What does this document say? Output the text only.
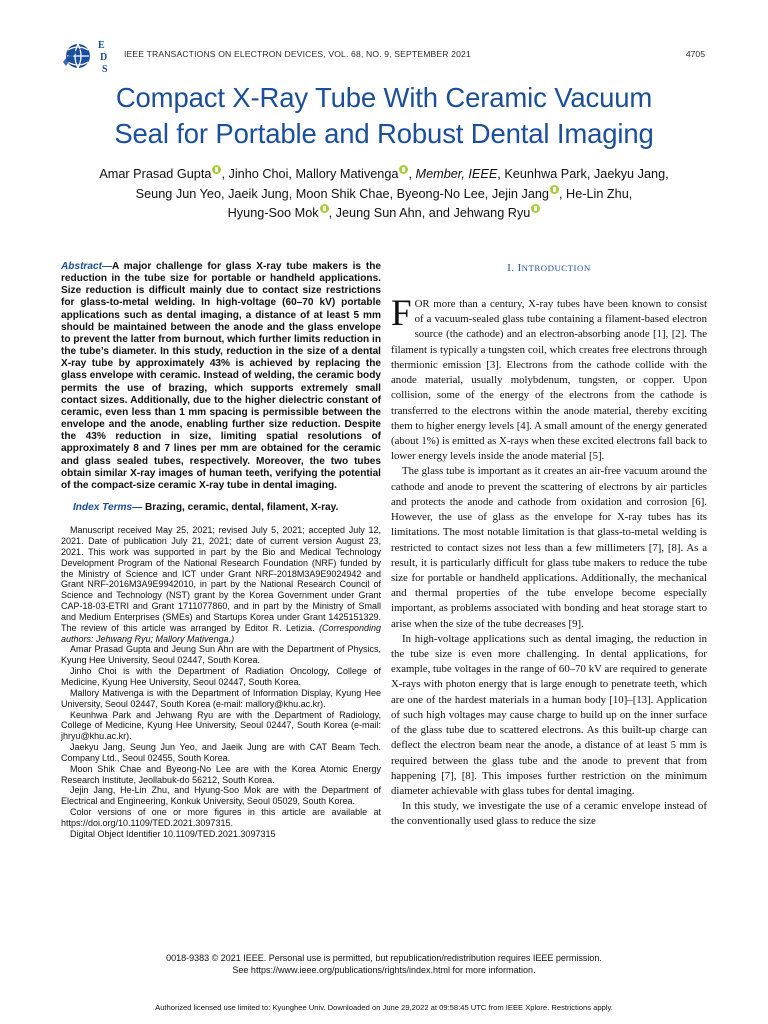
E
D
S
IEEE TRANSACTIONS ON ELECTRON DEVICES, VOL. 68, NO. 9, SEPTEMBER 2021	4705
Compact X-Ray Tube With Ceramic Vacuum
Seal for Portable and Robust Dental Imaging
Amar Prasad Gupta , Jinho Choi, Mallory Mativenga , Member, IEEE, Keunhwa Park, Jaekyu Jang,
Seung Jun Yeo, Jaeik Jung, Moon Shik Chae, Byeong-No Lee, Jejin Jang , He-Lin Zhu,
Hyung-Soo Mok , Jeung Sun Ahn, and Jehwang Ryu

Abstract—A major challenge for glass X-ray tube makers is the reduction in the tube size for portable or handheld applications. Size reduction is difficult mainly due to contact size restrictions for glass-to-metal welding. In high-voltage (60–70 kV) portable applications such as dental imaging, a distance of at least 5 mm should be maintained between the anode and the glass envelope to prevent the latter from burnout, which further limits reduction in the tube’s diameter. In this study, reduction in the size of a dental X-ray tube by approximately 43% is achieved by replacing the glass envelope with ceramic. Instead of welding, the ceramic body permits the use of brazing, which supports extremely small contact sizes. Additionally, due to the higher dielectric constant of ceramic, even less than 1 mm spacing is permissible between the envelope and the anode, enabling further size reduction. Despite the 43% reduction in size, limiting spatial resolutions of approximately 8 and 7 lines per mm are obtained for the ceramic and glass sealed tubes, respectively. Moreover, the two tubes obtain similar X-ray images of human teeth, verifying the potential of the compact-size ceramic X-ray tube in dental imaging.

Index Terms— Brazing, ceramic, dental, filament, X-ray.

Manuscript received May 25, 2021; revised July 5, 2021; accepted July 12, 2021. Date of publication July 21, 2021; date of current version August 23, 2021. This work was supported in part by the Bio and Medical Technology Development Program of the National Research Foundation (NRF) funded by the Ministry of Science and ICT under Grant NRF-2018M3A9E9024942 and Grant NRF-2016M3A9E9942010, in part by the National Research Council of Science and Technology (NST) grant by the Korea Government under Grant CAP-18-03-ETRI and Grant 1711077860, and in part by the Ministry of Small and Medium Enterprises (SMEs) and Startups Korea under Grant 1425151329. The review of this article was arranged by Editor R. Letizia. (Corresponding authors: Jehwang Ryu; Mallory Mativenga.)

Amar Prasad Gupta and Jeung Sun Ahn are with the Department of Physics, Kyung Hee University, Seoul 02447, South Korea.

Jinho Choi is with the Department of Radiation Oncology, College of Medicine, Kyung Hee University, Seoul 02447, South Korea.

Mallory Mativenga is with the Department of Information Display, Kyung Hee University, Seoul 02447, South Korea (e-mail: mallory@khu.ac.kr).

Keunhwa Park and Jehwang Ryu are with the Department of Radiology, College of Medicine, Kyung Hee University, Seoul 02447, South Korea (e-mail: jhryu@khu.ac.kr).

Jaekyu Jang, Seung Jun Yeo, and Jaeik Jung are with CAT Beam Tech. Company Ltd., Seoul 02455, South Korea.

Moon Shik Chae and Byeong-No Lee are with the Korea Atomic Energy Research Institute, Jeollabuk-do 56212, South Korea.

Jejin Jang, He-Lin Zhu, and Hyung-Soo Mok are with the Department of Electrical and Engineering, Konkuk University, Seoul 05029, South Korea.

Color versions of one or more figures in this article are available at https://doi.org/10.1109/TED.2021.3097315.

Digital Object Identifier 10.1109/TED.2021.3097315

I. INTRODUCTION

FOR more than a century, X-ray tubes have been known to consist of a vacuum-sealed glass tube containing a filament-based electron source (the cathode) and an electron-absorbing anode [1], [2]. The filament is typically a tungsten coil, which creates free electrons through thermionic emission [3]. Electrons from the cathode collide with the anode material, usually molybdenum, tungsten, or copper. Upon collision, some of the energy of the electrons from the cathode is transferred to the electrons within the anode material, thereby exciting them to higher energy levels [4]. A small amount of the energy generated (about 1%) is emitted as X-rays when these excited electrons fall back to lower energy levels inside the anode material [5].

The glass tube is important as it creates an air-free vacuum around the cathode and anode to prevent the scattering of electrons by air particles and protects the anode and cathode from oxidation and corrosion [6]. However, the use of glass as the envelope for X-ray tubes has its limitations. The most notable limitation is that glass-to-metal welding is restricted to contact sizes not less than a few millimeters [7], [8]. As a result, it is particularly difficult for glass tube makers to reduce the tube size for portable or handheld applications. Additionally, the mechanical and thermal properties of the tube envelope become especially important, as problems associated with bonding and heat storage start to arise when the size of the tube decreases [9].

In high-voltage applications such as dental imaging, the reduction in the tube size is even more challenging. In dental applications, for example, tube voltages in the range of 60–70 kV are required to generate X-rays with photon energy that is large enough to penetrate teeth, which are one of the hardest materials in a human body [10]–[13]. Application of such high voltages may cause charge to build up on the inner surface of the glass tube due to scattered electrons. As this built-up charge can deflect the electron beam near the anode, a distance of at least 5 mm is required between the glass tube and the anode to prevent that from happening [7], [8]. This imposes further restriction on the minimum diameter achievable with glass tubes for dental imaging.

In this study, we investigate the use of a ceramic envelope instead of the conventionally used glass to reduce the size

0018-9383 © 2021 IEEE. Personal use is permitted, but republication/redistribution requires IEEE permission.
See https://www.ieee.org/publications/rights/index.html for more information.
Authorized licensed use limited to: Kyunghee Univ. Downloaded on June 29,2022 at 09:58:45 UTC from IEEE Xplore. Restrictions apply.
